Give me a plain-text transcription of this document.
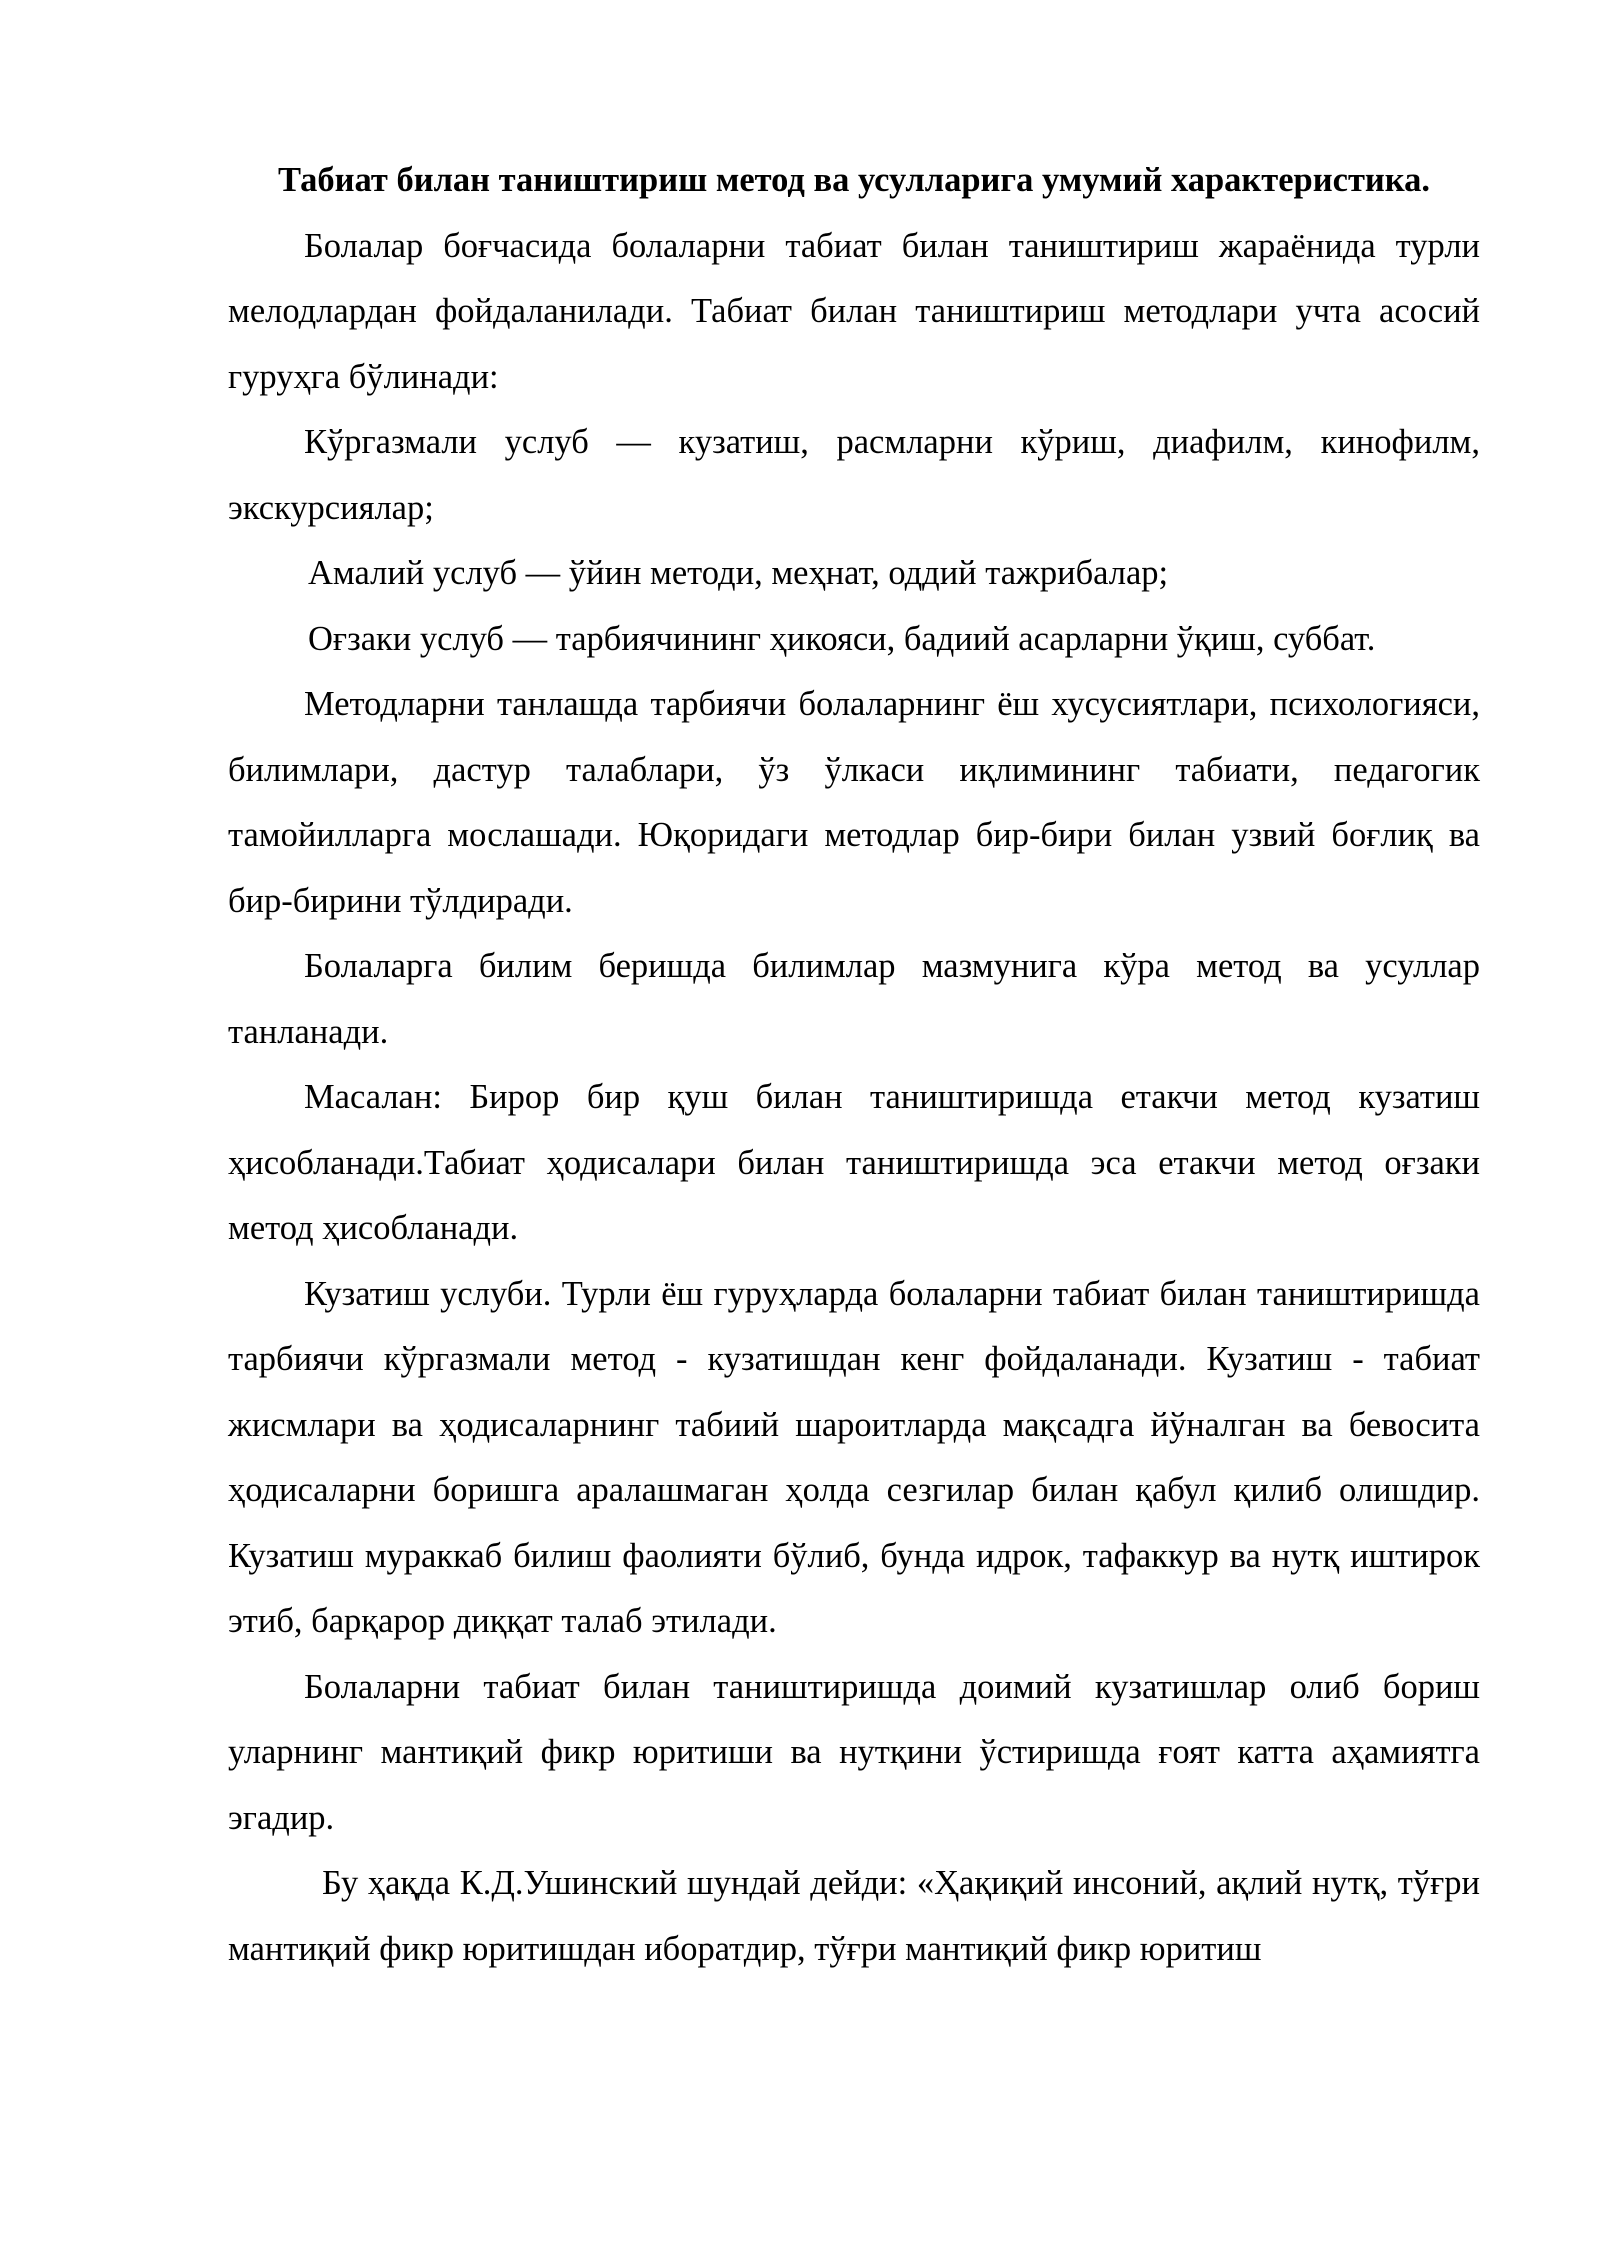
Табиат билан таништириш метод ва усулларига умумий характеристика.

Болалар боғчасида болаларни табиат билан таништириш жараёнида турли мелодлардан фойдаланилади. Табиат билан таништириш методлари учта асосий гуруҳга бўлинади:

Кўргазмали услуб — кузатиш, расмларни кўриш, диафилм, кинофилм, экскурсиялар;

Амалий услуб — ўйин методи, меҳнат, оддий тажрибалар;

Оғзаки услуб — тарбиячининг ҳикояси, бадиий асарларни ўқиш, суббат.

Методларни танлашда тарбиячи болаларнинг ёш хусусиятлари, психологияси, билимлари, дастур талаблари, ўз ўлкаси иқлимининг табиати, педагогик тамойилларга мослашади. Юқоридаги методлар бир-бири билан узвий боғлиқ ва бир-бирини тўлдиради.

Болаларга билим беришда билимлар мазмунига кўра метод ва усуллар танланади.

Масалан: Бирор бир қуш билан таништиришда етакчи метод кузатиш ҳисобланади.Табиат ҳодисалари билан таништиришда эса етакчи метод оғзаки метод ҳисобланади.

Кузатиш услуби. Турли ёш гуруҳларда болаларни табиат билан таништиришда тарбиячи кўргазмали метод - кузатишдан кенг фойдаланади. Кузатиш - табиат жисмлари ва ҳодисаларнинг табиий шароитларда мақсадга йўналган ва бевосита ҳодисаларни боришга аралашмаган ҳолда сезгилар билан қабул қилиб олишдир. Кузатиш мураккаб билиш фаолияти бўлиб, бунда идрок, тафаккур ва нутқ иштирок этиб, барқарор диққат талаб этилади.

Болаларни табиат билан таништиришда доимий кузатишлар олиб бориш уларнинг мантиқий фикр юритиши ва нутқини ўстиришда ғоят катта аҳамиятга эгадир.

Бу ҳақда К.Д.Ушинский шундай дейди: «Ҳақиқий инсоний, ақлий нутқ, тўғри мантиқий фикр юритишдан иборатдир, тўғри мантиқий фикр юритиш
